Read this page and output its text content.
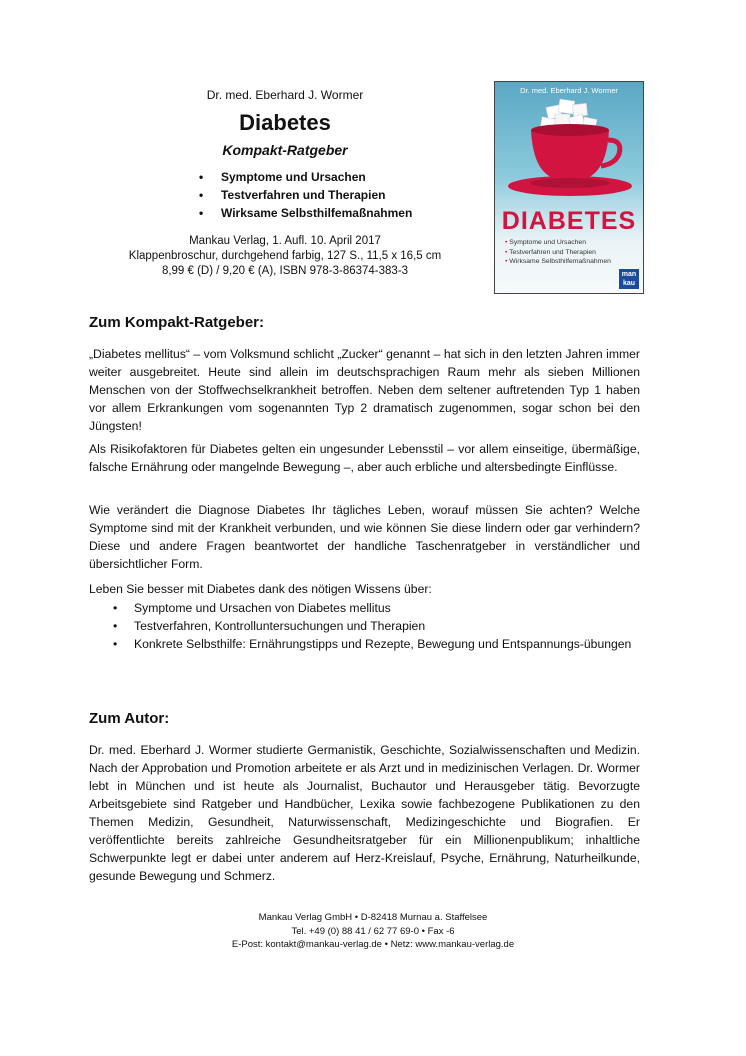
Dr. med. Eberhard J. Wormer
Diabetes
Kompakt-Ratgeber
• Symptome und Ursachen
• Testverfahren und Therapien
• Wirksame Selbsthilfemaßnahmen
Mankau Verlag, 1. Aufl. 10. April 2017
Klappenbroschur, durchgehend farbig, 127 S., 11,5 x 16,5 cm
8,99 € (D) / 9,20 € (A), ISBN 978-3-86374-383-3
Dr. med. Eberhard J. Wormer
DIABETES
• Symptome und Ursachen
• Testverfahren und Therapien
• Wirksame Selbsthilfemaßnahmen
man
kau
Zum Kompakt-Ratgeber:

„Diabetes mellitus“ – vom Volksmund schlicht „Zucker“ genannt – hat sich in den letzten Jahren immer weiter ausgebreitet. Heute sind allein im deutschsprachigen Raum mehr als sieben Millionen Menschen von der Stoffwechselkrankheit betroffen. Neben dem seltener auftretenden Typ 1 haben vor allem Erkrankungen vom sogenannten Typ 2 dramatisch zugenommen, sogar schon bei den Jüngsten!

Als Risikofaktoren für Diabetes gelten ein ungesunder Lebensstil – vor allem einseitige, übermäßige, falsche Ernährung oder mangelnde Bewegung –, aber auch erbliche und altersbedingte Einflüsse.

Wie verändert die Diagnose Diabetes Ihr tägliches Leben, worauf müssen Sie achten? Welche Symptome sind mit der Krankheit verbunden, und wie können Sie diese lindern oder gar verhindern? Diese und andere Fragen beantwortet der handliche Taschenratgeber in verständlicher und übersichtlicher Form.

Leben Sie besser mit Diabetes dank des nötigen Wissens über:

• Symptome und Ursachen von Diabetes mellitus
• Testverfahren, Kontrolluntersuchungen und Therapien
• Konkrete Selbsthilfe: Ernährungstipps und Rezepte, Bewegung und Entspannungs-übungen
Zum Autor:

Dr. med. Eberhard J. Wormer studierte Germanistik, Geschichte, Sozialwissenschaften und Medizin. Nach der Approbation und Promotion arbeitete er als Arzt und in medizinischen Verlagen. Dr. Wormer lebt in München und ist heute als Journalist, Buchautor und Herausgeber tätig. Bevorzugte Arbeitsgebiete sind Ratgeber und Handbücher, Lexika sowie fachbezogene Publikationen zu den Themen Medizin, Gesundheit, Naturwissenschaft, Medizingeschichte und Biografien. Er veröffentlichte bereits zahlreiche Gesundheitsratgeber für ein Millionenpublikum; inhaltliche Schwerpunkte legt er dabei unter anderem auf Herz-Kreislauf, Psyche, Ernährung, Naturheilkunde, gesunde Bewegung und Schmerz.

Mankau Verlag GmbH • D-82418 Murnau a. Staffelsee
Tel. +49 (0) 88 41 / 62 77 69-0 • Fax -6
E-Post: kontakt@mankau-verlag.de • Netz: www.mankau-verlag.de
